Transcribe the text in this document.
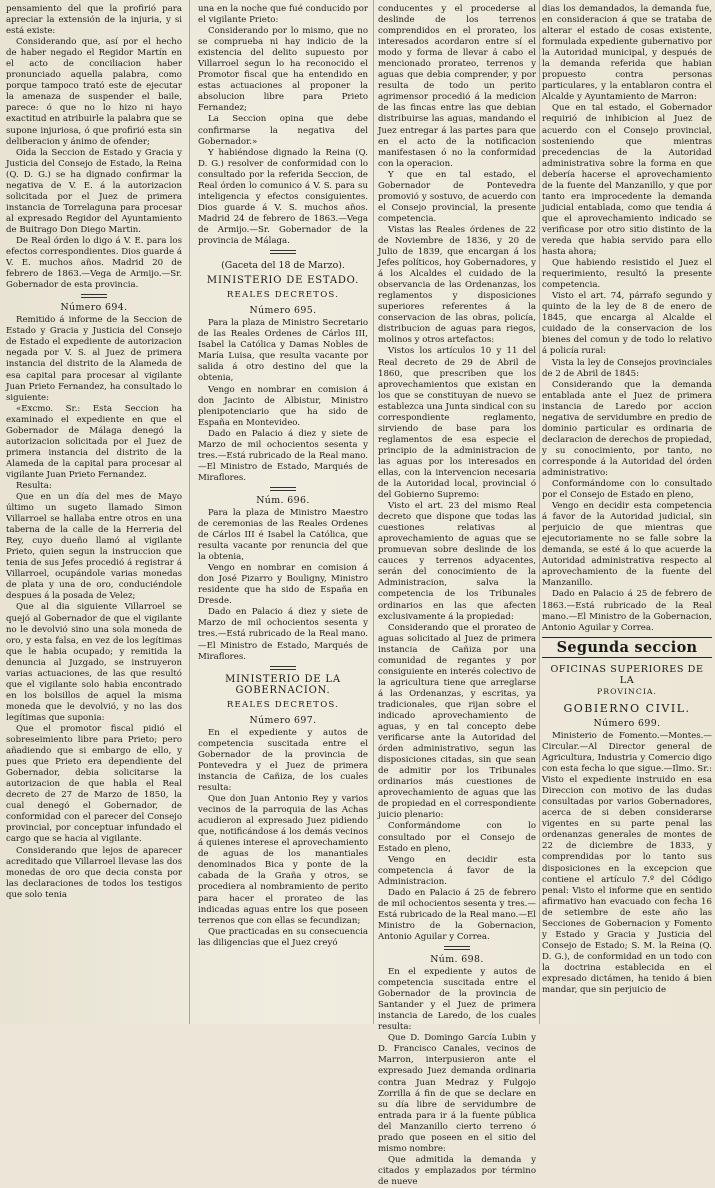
pensamiento del que la profirió para apreciar la extensión de la injuria, y si está existe:

Considerando que, así por el hecho de haber negado el Regidor Martín en el acto de conciliacion haber pronunciado aquella palabra, como porque tampoco trató este de ejecutar la amenaza de suspender el baile, parece: ó que no lo hizo ni hayo exactitud en atribuirle la palabra que se supone injuriosa, ó que profirió esta sin deliberacion y ánimo de ofender;

Oida la Seccion de Estado y Gracia y Justicia del Consejo de Estado, la Reina (Q. D. G.) se ha dignado confirmar la negativa de V. E. á la autorizacion solicitada por el Juez de primera instancia de Torrelaguna para procesar al expresado Regidor del Ayuntamiento de Buitrago Don Diego Martin.

De Real órden lo digo á V. E. para los efectos correspondientes. Dios guarde á V. E. muchos años. Madrid 20 de febrero de 1863.—Vega de Armijo.—Sr. Gobernador de esta provincia.

Número 694.

Remitido á informe de la Seccion de Estado y Gracia y Justicia del Consejo de Estado el expediente de autorizacion negada por V. S. al Juez de primera instancia del distrito de la Alameda de esa capital para procesar al vigilante Juan Prieto Fernandez, ha consultado lo siguiente:

«Excmo. Sr.: Esta Seccion ha examinado el expediente en que el Gobernador de Málaga denegó la autorizacion solicitada por el Juez de primera instancia del distrito de la Alameda de la capital para procesar al vigilante Juan Prieto Fernandez.

Resulta:

Que en un día del mes de Mayo último un sugeto llamado Simon Villarroel se hallaba entre otros en una taberna de la calle de la Herreria del Rey, cuyo dueño llamó al vigilante Prieto, quien segun la instruccion que tenia de sus Jefes procedió á registrar á Villarroel, ocupándole varias monedas de plata y una de oro, conduciéndole despues á la posada de Velez;

Que al dia siguiente Villarroel se quejó al Gobernador de que el vigilante no le devolvió sino una sola moneda de oro, y esta falsa, en vez de los legítimas que le habia ocupado; y remitida la denuncia al Juzgado, se instruyeron varias actuaciones, de las que resultó que el vigilante solo habia encontrado en los bolsillos de aquel la misma moneda que le devolvió, y no las dos legítimas que suponia:

Que el promotor fiscal pidió el sobreseimiento libre para Prieto; pero añadiendo que si embargo de ello, y pues que Prieto era dependiente del Gobernador, debia solicitarse la autorizacion de que habla el Real decreto de 27 de Marzo de 1850, la cual denegó el Gobernador, de conformidad con el parecer del Consejo provincial, por conceptuar infundado el cargo que se hacia al vigilante.

Considerando que lejos de aparecer acreditado que Villarroel llevase las dos monedas de oro que decia consta por las declaraciones de todos los testigos que solo tenia

una en la noche que fué conducido por el vigilante Prieto:

Considerando por lo mismo, que no se comprueba ni hay indicio de la existencia del delito supuesto por Villarroel segun lo ha reconocido el Promotor fiscal que ha entendido en estas actuaciones al proponer la absolucion libre para Prieto Fernandez;

La Seccion opina que debe confirmarse la negativa del Gobernador.»

Y habiéndose dignado la Reina (Q. D. G.) resolver de conformidad con lo consultado por la referida Seccion, de Real órden lo comunico á V. S. para su inteligencia y efectos consiguientes. Dios guarde á V. S. muchos años. Madrid 24 de febrero de 1863.—Vega de Armijo.—Sr. Gobernador de la provincia de Málaga.

(Gaceta del 18 de Marzo).
MINISTERIO DE ESTADO.
REALES DECRETOS.
Número 695.

Para la plaza de Ministro Secretario de las Reales Ordenes de Cárlos III, Isabel la Católica y Damas Nobles de María Luisa, que resulta vacante por salida á otro destino del que la obtenia,

Vengo en nombrar en comision á don Jacinto de Albistur, Ministro plenipotenciario que ha sido de España en Montevideo.

Dado en Palacio á diez y siete de Marzo de mil ochocientos sesenta y tres.—Está rubricado de la Real mano.—El Ministro de Estado, Marqués de Miraflores.

Núm. 696.

Para la plaza de Ministro Maestro de ceremonias de las Reales Ordenes de Cárlos III é Isabel la Católica, que resulta vacante por renuncia del que la obtenia,

Vengo en nombrar en comision á don José Pizarro y Bouligny, Ministro residente que ha sido de España en Dresde.

Dado en Palacio á diez y siete de Marzo de mil ochocientos sesenta y tres.—Está rubricado de la Real mano.—El Ministro de Estado, Marqués de Miraflores.

MINISTERIO DE LA GOBERNACION.
REALES DECRETOS.
Número 697.

En el expediente y autos de competencia suscitada entre el Gobernador de la provincia de Pontevedra y el Juez de primera instancia de Cañiza, de los cuales resulta:

Que don Juan Antonio Rey y varios vecinos de la parroquia de las Achas acudieron al expresado Juez pidiendo que, notificándose á los demás vecinos á quienes interese el aprovechamiento de aguas de los manantiales denominados Bica y ponte de la cabada de la Graña y otros, se procediera al nombramiento de perito para hacer el prorateo de las indicadas aguas entre los que poseen terrenos que con ellas se fecundizan;

Que practicadas en su consecuencia las diligencias que el Juez creyó

conducentes y el procederse al deslinde de los terrenos comprendidos en el prorateo, los interesados acordaron entre sí el modo y forma de llevar á cabo el mencionado prorateo, terrenos y aguas que debia comprender, y por resulta de todo un perito agrimensor procedió á la medicion de las fincas entre las que debian distribuirse las aguas, mandando el Juez entregar á las partes para que en el acto de la notificacion manifestasen ó no la conformidad con la operacion.

Y que en tal estado, el Gobernador de Pontevedra promovió y sostuvo, de acuerdo con el Consejo provincial, la presente competencia.

Vistas las Reales órdenes de 22 de Noviembre de 1836, y 20 de Julio de 1839, que encargan á los Jefes políticos, hoy Gobernadores, y á los Alcaldes el cuidado de la observancia de las Ordenanzas, los reglamentos y disposiciones superiores referentes á la conservacion de las obras, policía, distribucion de aguas para riegos, molinos y otros artefactos:

Vistos los artículos 10 y 11 del Real decreto de 29 de Abril de 1860, que prescriben que los aprovechamientos que existan en los que se constituyan de nuevo se establezca una Junta sindical con su correspondiente reglamento, sirviendo de base para los reglamentos de esa especie el principio de la administracion de las aguas por los interesados en ellas, con la intervencion necesaria de la Autoridad local, provincial ó del Gobierno Supremo:

Visto el art. 23 del mismo Real decreto que dispone que todas las cuestiones relativas al aprovechamiento de aguas que se promuevan sobre deslinde de los cauces y terrenos adyacentes, serán del conocimiento de la Administracion, salva la competencia de los Tribunales ordinarios en las que afecten exclusivamente á la propiedad:

Considerando que el prorateo de aguas solicitado al Juez de primera instancia de Cañiza por una comunidad de regantes y por consiguiente en interés colectivo de la agricultura tiene que arreglarse á las Ordenanzas, y escritas, ya tradicionales, que rijan sobre el indicado aprovechamiento de aguas, y en tal concepto debe verificarse ante la Autoridad del órden administrativo, segun las disposiciones citadas, sin que sean de admitir por los Tribunales ordinarios más cuestiones de aprovechamiento de aguas que las de propiedad en el correspondiente juicio plenario:

Conformándome con lo consultado por el Consejo de Estado en pleno,

Vengo en decidir esta competencia á favor de la Administracion.

Dado en Palacio á 25 de febrero de mil ochocientos sesenta y tres.—Está rubricado de la Real mano.—El Ministro de la Gobernacion, Antonio Aguilar y Correa.

Núm. 698.

En el expediente y autos de competencia suscitada entre el Gobernador de la provincia de Santander y el Juez de primera instancia de Laredo, de los cuales resulta:

Que D. Domingo García Lubin y D. Francisco Canales, vecinos de Marron, interpusieron ante el expresado Juez demanda ordinaria contra Juan Medraz y Fulgojo Zorrilla á fin de que se declare en su día libre de servidumbre de entrada para ir á la fuente pública del Manzanillo cierto terreno ó prado que poseen en el sitio del mismo nombre:

Que admitida la demanda y citados y emplazados por término de nueve

dias los demandados, la demanda fue, en consideracion á que se trataba de alterar el estado de cosas existente, formulada expediente gubernativo por la Autoridad municipal, y después de la demanda referida que habian propuesto contra personas particulares, y la entablaron contra el Alcalde y Ayuntamiento de Marron:

Que en tal estado, el Gobernador requirió de inhibicion al Juez de acuerdo con el Consejo provincial, sosteniendo que mientras precedencias de la Autoridad administrativa sobre la forma en que debería hacerse el aprovechamiento de la fuente del Manzanillo, y que por tanto era improcedente la demanda judicial entablada, como que tendia á que el aprovechamiento indicado se verificase por otro sitio distinto de la vereda que habia servido para ello hasta ahora;

Que habiendo resistido el Juez el requerimiento, resultó la presente competencia.

Visto el art. 74, párrafo segundo y quinto de la ley de 8 de enero de 1845, que encarga al Alcalde el cuidado de la conservacion de los bienes del comun y de todo lo relativo á policía rural:

Vista la ley de Consejos provinciales de 2 de Abril de 1845:

Considerando que la demanda entablada ante el Juez de primera instancia de Laredo por accion negativa de servidumbre en predio de dominio particular es ordinaria de declaracion de derechos de propiedad, y su conocimiento, por tanto, no corresponde á la Autoridad del órden administrativo:

Conformándome con lo consultado por el Consejo de Estado en pleno,

Vengo en decidir esta competencia á favor de la Autoridad judicial, sin perjuicio de que mientras que ejecutoriamente no se falle sobre la demanda, se esté á lo que acuerde la Autoridad administrativa respecto al aprovechamiento de la fuente del Manzanillo.

Dado en Palacio á 25 de febrero de 1863.—Está rubricado de la Real mano.—El Ministro de la Gobernacion, Antonio Aguilar y Correa.

Segunda seccion
OFICINAS SUPERIORES DE LA
PROVINCIA.
GOBIERNO CIVIL.
Número 699.

Ministerio de Fomento.—Montes.—Circular.—Al Director general de Agricultura, Industria y Comercio digo con esta fecha lo que sigue.—Ilmo. Sr.: Visto el expediente instruido en esa Direccion con motivo de las dudas consultadas por varios Gobernadores, acerca de si deben considerarse vigentes en su parte penal las ordenanzas generales de montes de 22 de diciembre de 1833, y comprendidas por lo tanto sus disposiciones en la excepcion que contiene el artículo 7.º del Código penal: Visto el informe que en sentido afirmativo han evacuado con fecha 16 de setiembre de este año las Secciones de Gobernacion y Fomento y Estado y Gracia y Justicia del Consejo de Estado; S. M. la Reina (Q. D. G.), de conformidad en un todo con la doctrina establecida en el expresado dictámen, ha tenido á bien mandar, que sin perjuicio de
